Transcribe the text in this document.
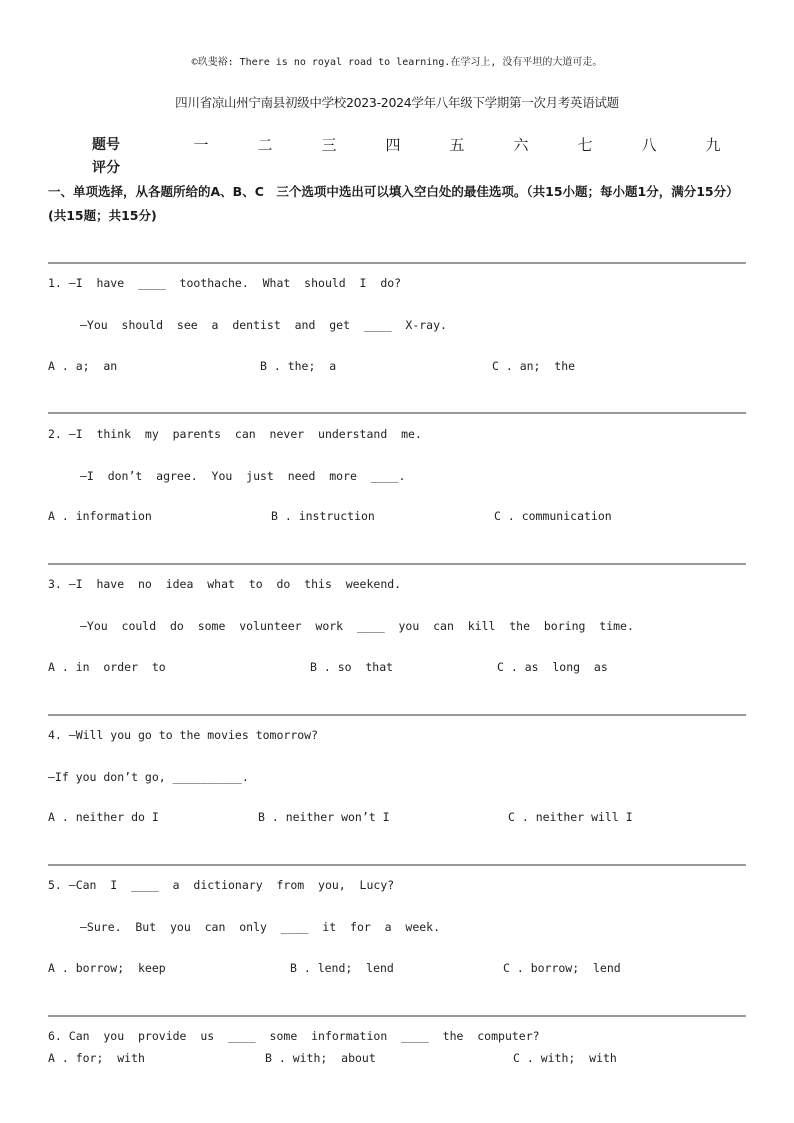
©玖斐裕: There is no royal road to learning.在学习上, 没有平坦的大道可走。
四川省凉山州宁南县初级中学校2023-2024学年八年级下学期第一次月考英语试题
题号	一	二	三	四	五	六	七	八	九
评分
一、单项选择，从各题所给的A、B、C　三个选项中选出可以填入空白处的最佳选项。（共15小题；每小题1分，满分15分）(共15题；共15分)
1. —I  have  ____  toothache.  What  should  I  do?
—You  should  see  a  dentist  and  get  ____  X-ray.
A . a;  an	B . the;  a	C . an;  the
2. —I  think  my  parents  can  never  understand  me.
—I  don’t  agree.  You  just  need  more  ____.
A . information	B . instruction	C . communication
3. —I  have  no  idea  what  to  do  this  weekend.
—You  could  do  some  volunteer  work  ____  you  can  kill  the  boring  time.
A . in  order  to	B . so  that	C . as  long  as
4. —Will you go to the movies tomorrow?
—If you don’t go, __________.
A . neither do I	B . neither won’t I	C . neither will I
5. —Can  I  ____  a  dictionary  from  you,  Lucy?
—Sure.  But  you  can  only  ____  it  for  a  week.
A . borrow;  keep	B . lend;  lend	C . borrow;  lend
6. Can  you  provide  us  ____  some  information  ____  the  computer?
A . for;  with	B . with;  about	C . with;  with
